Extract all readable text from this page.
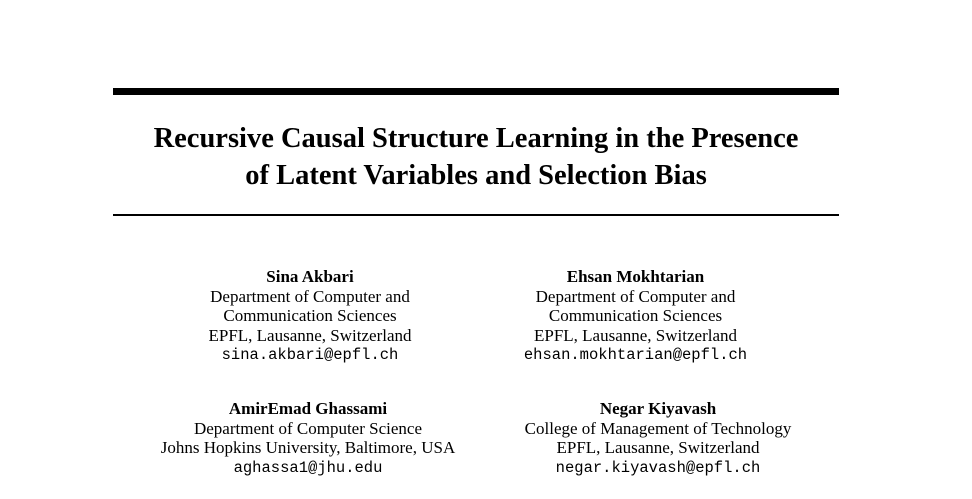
Recursive Causal Structure Learning in the Presence
of Latent Variables and Selection Bias
Sina Akbari
Department of Computer and
Communication Sciences
EPFL, Lausanne, Switzerland
sina.akbari@epfl.ch
Ehsan Mokhtarian
Department of Computer and
Communication Sciences
EPFL, Lausanne, Switzerland
ehsan.mokhtarian@epfl.ch
AmirEmad Ghassami
Department of Computer Science
Johns Hopkins University, Baltimore, USA
aghassa1@jhu.edu
Negar Kiyavash
College of Management of Technology
EPFL, Lausanne, Switzerland
negar.kiyavash@epfl.ch
